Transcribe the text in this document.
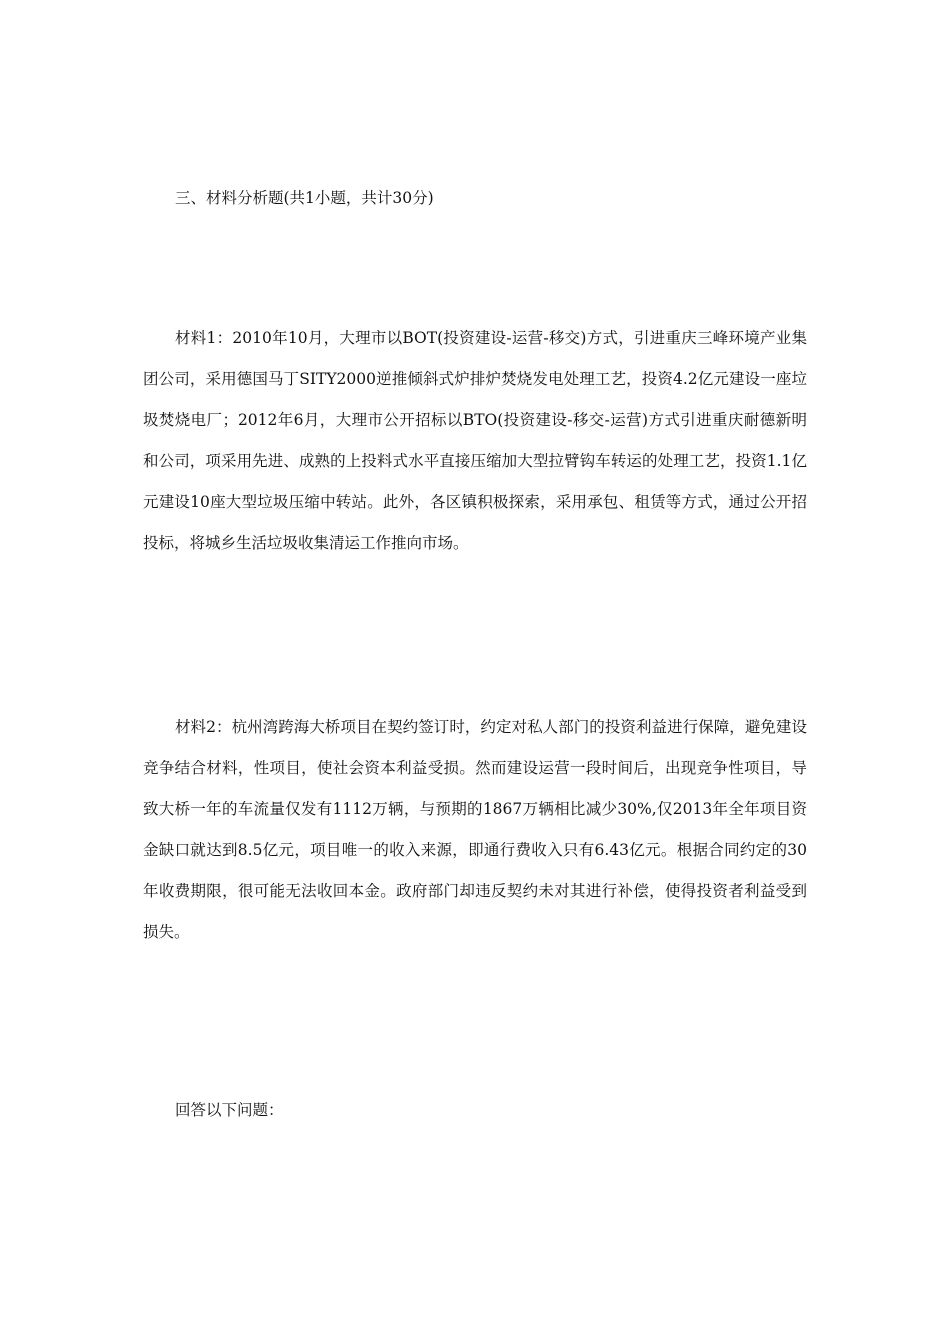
三、材料分析题(共1小题，共计30分)

材料1：2010年10月，大理市以BOT(投资建设-运营-移交)方式，引进重庆三峰环境产业集团公司，采用德国马丁SITY2000逆推倾斜式炉排炉焚烧发电处理工艺，投资4.2亿元建设一座垃圾焚烧电厂；2012年6月，大理市公开招标以BTO(投资建设-移交-运营)方式引进重庆耐德新明和公司，项采用先进、成熟的上投料式水平直接压缩加大型拉臂钩车转运的处理工艺，投资1.1亿元建设10座大型垃圾压缩中转站。此外，各区镇积极探索，采用承包、租赁等方式，通过公开招投标，将城乡生活垃圾收集清运工作推向市场。

材料2：杭州湾跨海大桥项目在契约签订时，约定对私人部门的投资利益进行保障，避免建设竞争结合材料，性项目，使社会资本利益受损。然而建设运营一段时间后，出现竞争性项目，导致大桥一年的车流量仅发有1112万辆，与预期的1867万辆相比减少30%,仅2013年全年项目资金缺口就达到8.5亿元，项目唯一的收入来源，即通行费收入只有6.43亿元。根据合同约定的30年收费期限，很可能无法收回本金。政府部门却违反契约未对其进行补偿，使得投资者利益受到损失。

回答以下问题：
